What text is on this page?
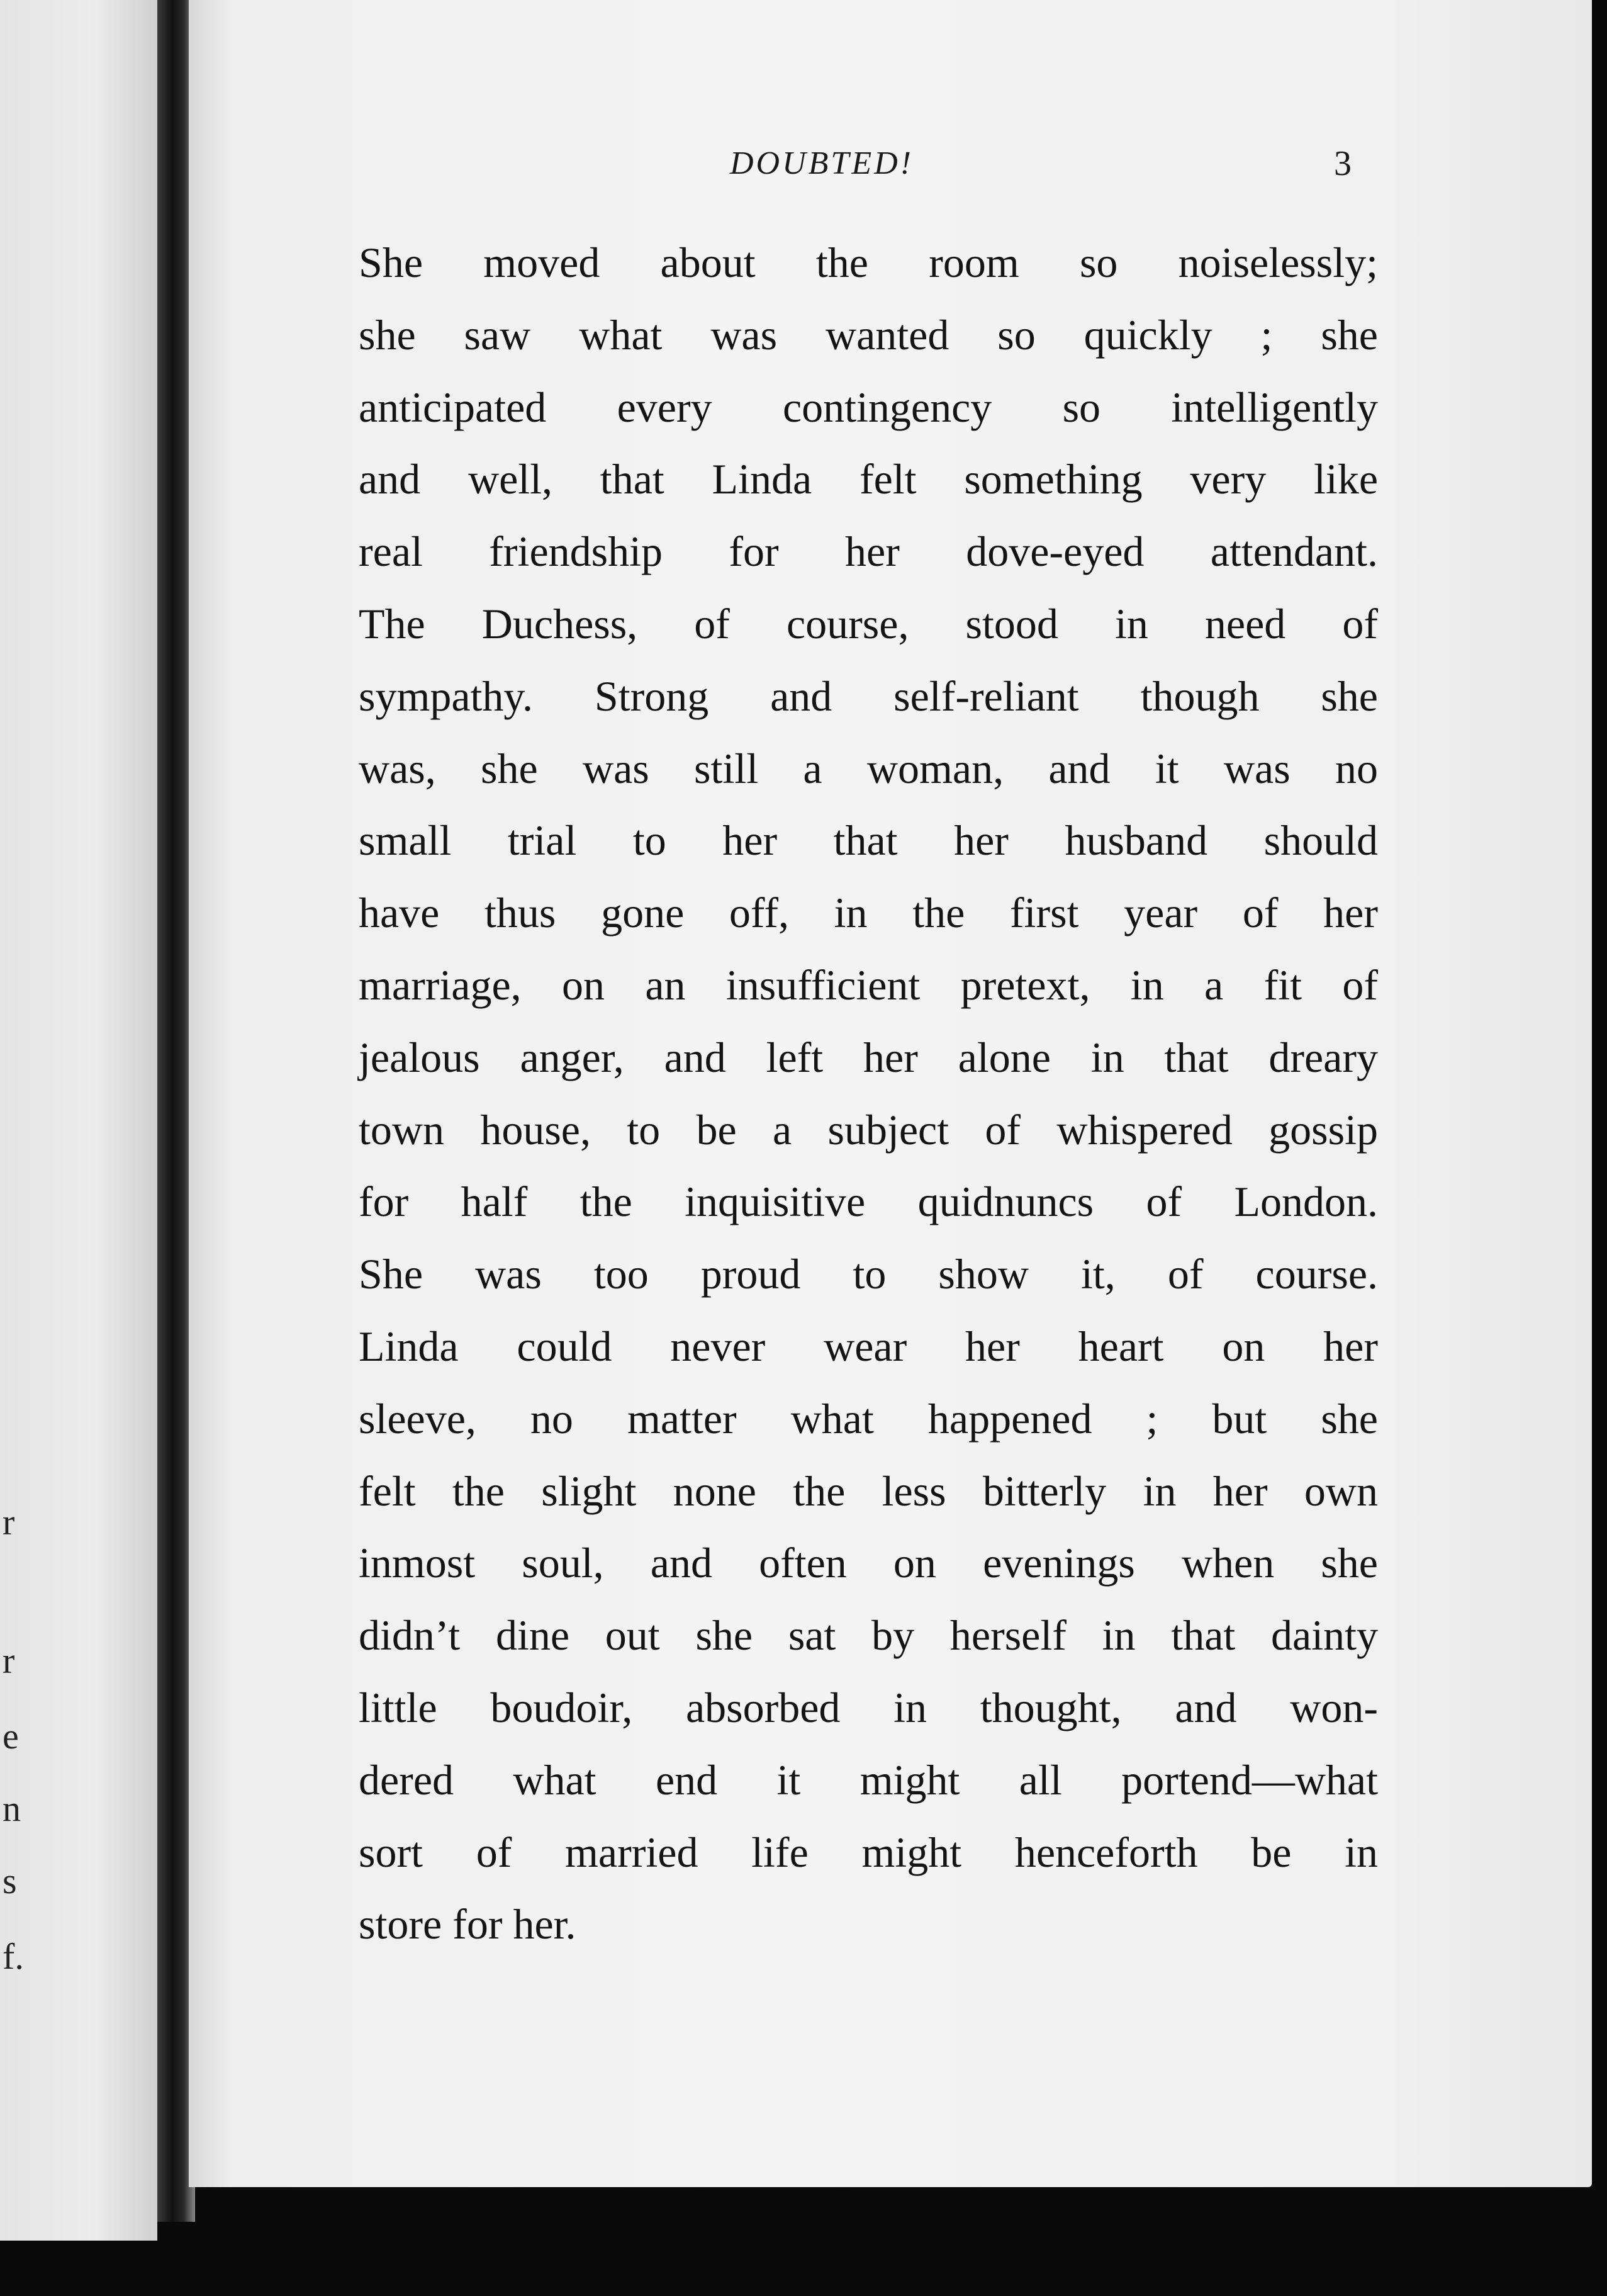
r
r
e
n
s
f.
DOUBTED!	3
She moved about the room so noiselessly;
she saw what was wanted so quickly ; she
anticipated every contingency so intelligently
and well, that Linda felt something very like
real friendship for her dove-eyed attendant.
The Duchess, of course, stood in need of
sympathy. Strong and self-reliant though she
was, she was still a woman, and it was no
small trial to her that her husband should
have thus gone off, in the first year of her
marriage, on an insufficient pretext, in a fit of
jealous anger, and left her alone in that dreary
town house, to be a subject of whispered gossip
for half the inquisitive quidnuncs of London.
She was too proud to show it, of course.
Linda could never wear her heart on her
sleeve, no matter what happened ; but she
felt the slight none the less bitterly in her own
inmost soul, and often on evenings when she
didn’t dine out she sat by herself in that dainty
little boudoir, absorbed in thought, and won-
dered what end it might all portend—what
sort of married life might henceforth be in
store for her.
